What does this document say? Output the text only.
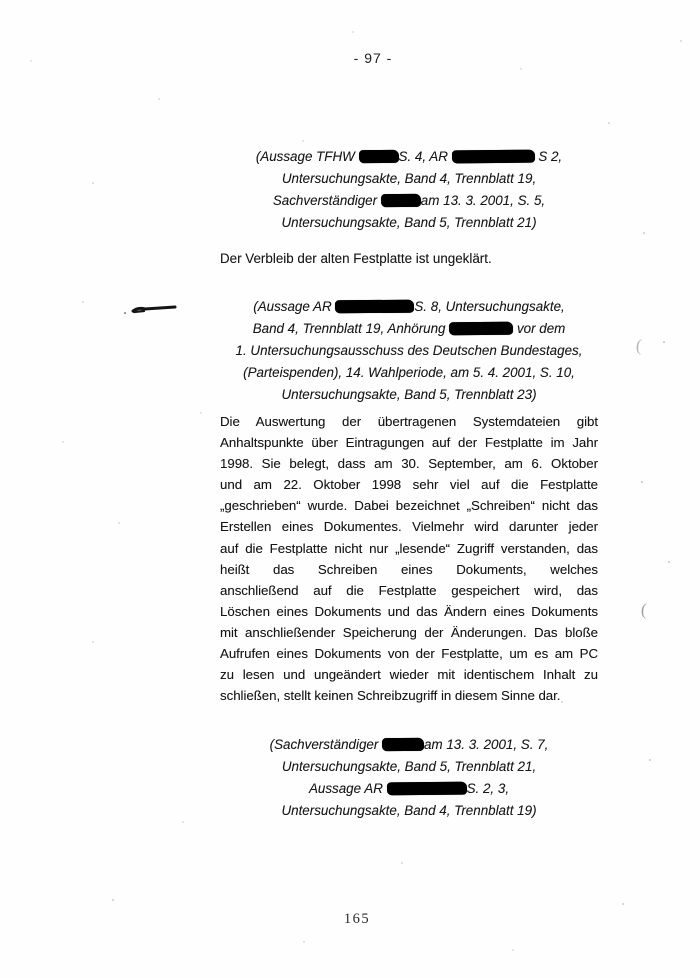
- 97 -
(Aussage TFHW	S. 4, AR	S 2,
Untersuchungsakte, Band 4, Trennblatt 19,
Sachverständiger	am 13. 3. 2001, S. 5,
Untersuchungsakte, Band 5, Trennblatt 21)
Der Verbleib der alten Festplatte ist ungeklärt.
(Aussage AR	S. 8, Untersuchungsakte,
Band 4, Trennblatt 19, Anhörung	vor dem
1. Untersuchungsausschuss des Deutschen Bundestages,
(Parteispenden), 14. Wahlperiode, am 5. 4. 2001, S. 10,
Untersuchungsakte, Band 5, Trennblatt 23)
(
Die Auswertung der übertragenen Systemdateien gibt
Anhaltspunkte über Eintragungen auf der Festplatte im Jahr
1998. Sie belegt, dass am 30. September, am 6. Oktober
und am 22. Oktober 1998 sehr viel auf die Festplatte
„geschrieben“ wurde. Dabei bezeichnet „Schreiben“ nicht das
Erstellen eines Dokumentes. Vielmehr wird darunter jeder
auf die Festplatte nicht nur „lesende“ Zugriff verstanden, das
heißt das Schreiben eines Dokuments, welches
anschließend auf die Festplatte gespeichert wird, das
Löschen eines Dokuments und das Ändern eines Dokuments
mit anschließender Speicherung der Änderungen. Das bloße
Aufrufen eines Dokuments von der Festplatte, um es am PC
zu lesen und ungeändert wieder mit identischem Inhalt zu
schließen, stellt keinen Schreibzugriff in diesem Sinne dar.
(
(Sachverständiger	am 13. 3. 2001, S. 7,
Untersuchungsakte, Band 5, Trennblatt 21,
Aussage AR	S. 2, 3,
Untersuchungsakte, Band 4, Trennblatt 19)
165
